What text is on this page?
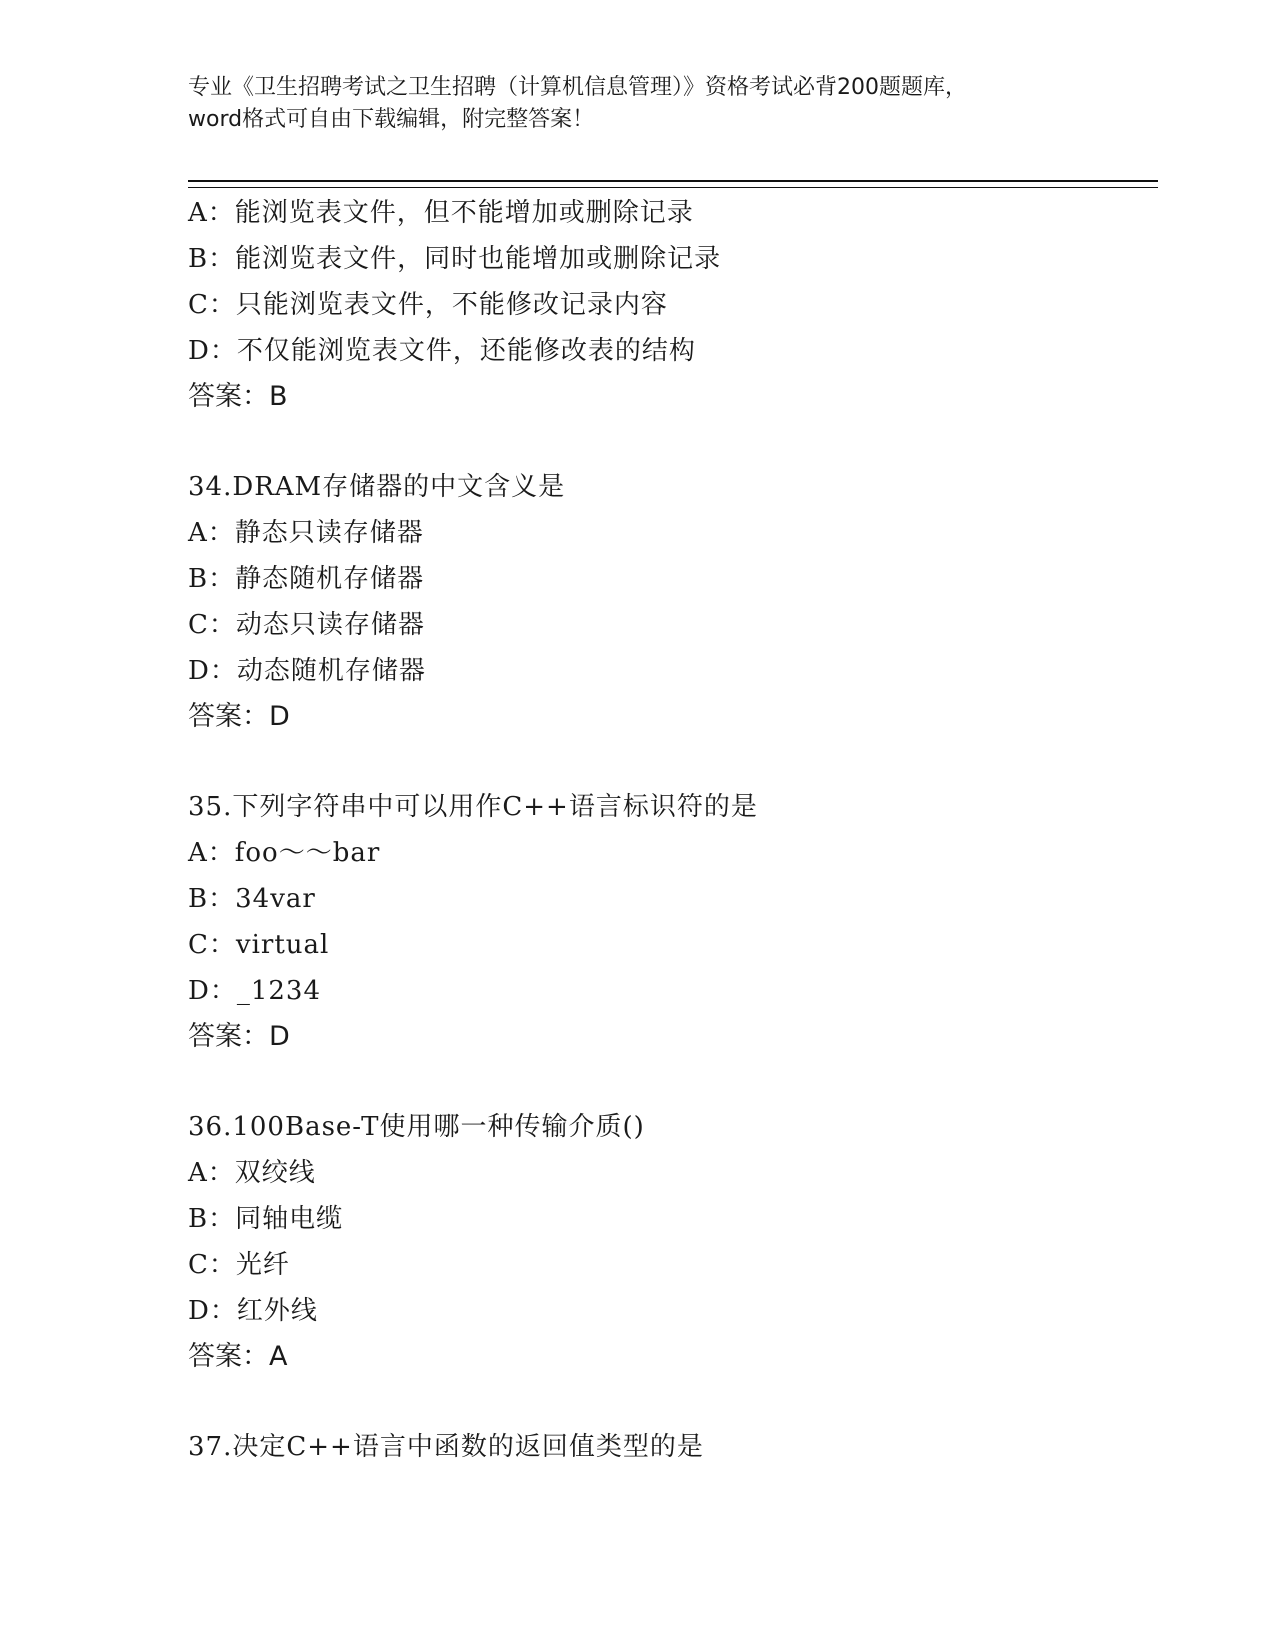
专业《卫生招聘考试之卫生招聘（计算机信息管理）》资格考试必背200题题库，
word格式可自由下载编辑，附完整答案！
A：能浏览表文件，但不能增加或删除记录
B：能浏览表文件，同时也能增加或删除记录
C：只能浏览表文件，不能修改记录内容
D：不仅能浏览表文件，还能修改表的结构
答案：B
34.DRAM存储器的中文含义是
A：静态只读存储器
B：静态随机存储器
C：动态只读存储器
D：动态随机存储器
答案：D
35.下列字符串中可以用作C++语言标识符的是
A：foo～～bar
B：34var
C：virtual
D：_1234
答案：D
36.100Base-T使用哪一种传输介质()
A：双绞线
B：同轴电缆
C：光纤
D：红外线
答案：A
37.决定C++语言中函数的返回值类型的是
